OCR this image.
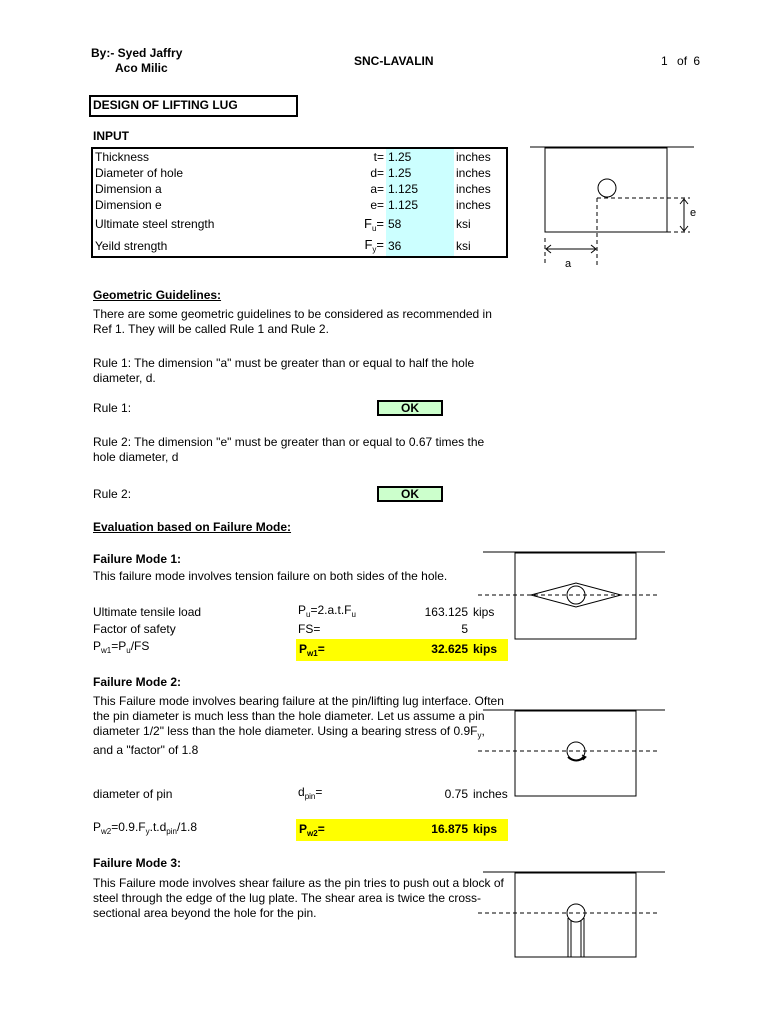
By:- Syed Jaffry
Aco Milic	SNC-LAVALIN	1 of 6
DESIGN OF LIFTING LUG
INPUT
Thickness	t=	1.25	inches
Diameter of hole	d=	1.25	inches
Dimension a	a=	1.125	inches
Dimension e	e=	1.125	inches
Ultimate steel strength	$F_u=$	58	ksi
Yeild strength	$F_y=$	36	ksi
e
a
Geometric Guidelines:
There are some geometric guidelines to be considered as recommended in Ref 1. They will be called Rule 1 and Rule 2.
Rule 1: The dimension "a" must be greater than or equal to half the hole diameter, d.
Rule 1:	OK
Rule 2: The dimension "e" must be greater than or equal to 0.67 times the hole diameter, d
Rule 2:	OK
Evaluation based on Failure Mode:
Failure Mode 1:
This failure mode involves tension failure on both sides of the hole.
Ultimate tensile load	$P_u=2.a.t.F_u$	163.125 kips
Factor of safety	FS=	5
$P_{w1}=P_u/FS$	$P_{w1}=$	32.625 kips
Failure Mode 2:
This Failure mode involves bearing failure at the pin/lifting lug interface. Often the pin diameter is much less than the hole diameter. Let us assume a pin diameter 1/2" less than the hole diameter. Using a bearing stress of $0.9F_y$, and a "factor" of 1.8
diameter of pin	$d_{pin}=$	0.75 inches
$P_{w2}=0.9.F_y.t.d_{pin}/1.8$	$P_{w2}=$	16.875 kips
Failure Mode 3:
This Failure mode involves shear failure as the pin tries to push out a block of steel through the edge of the lug plate. The shear area is twice the cross-sectional area beyond the hole for the pin.
